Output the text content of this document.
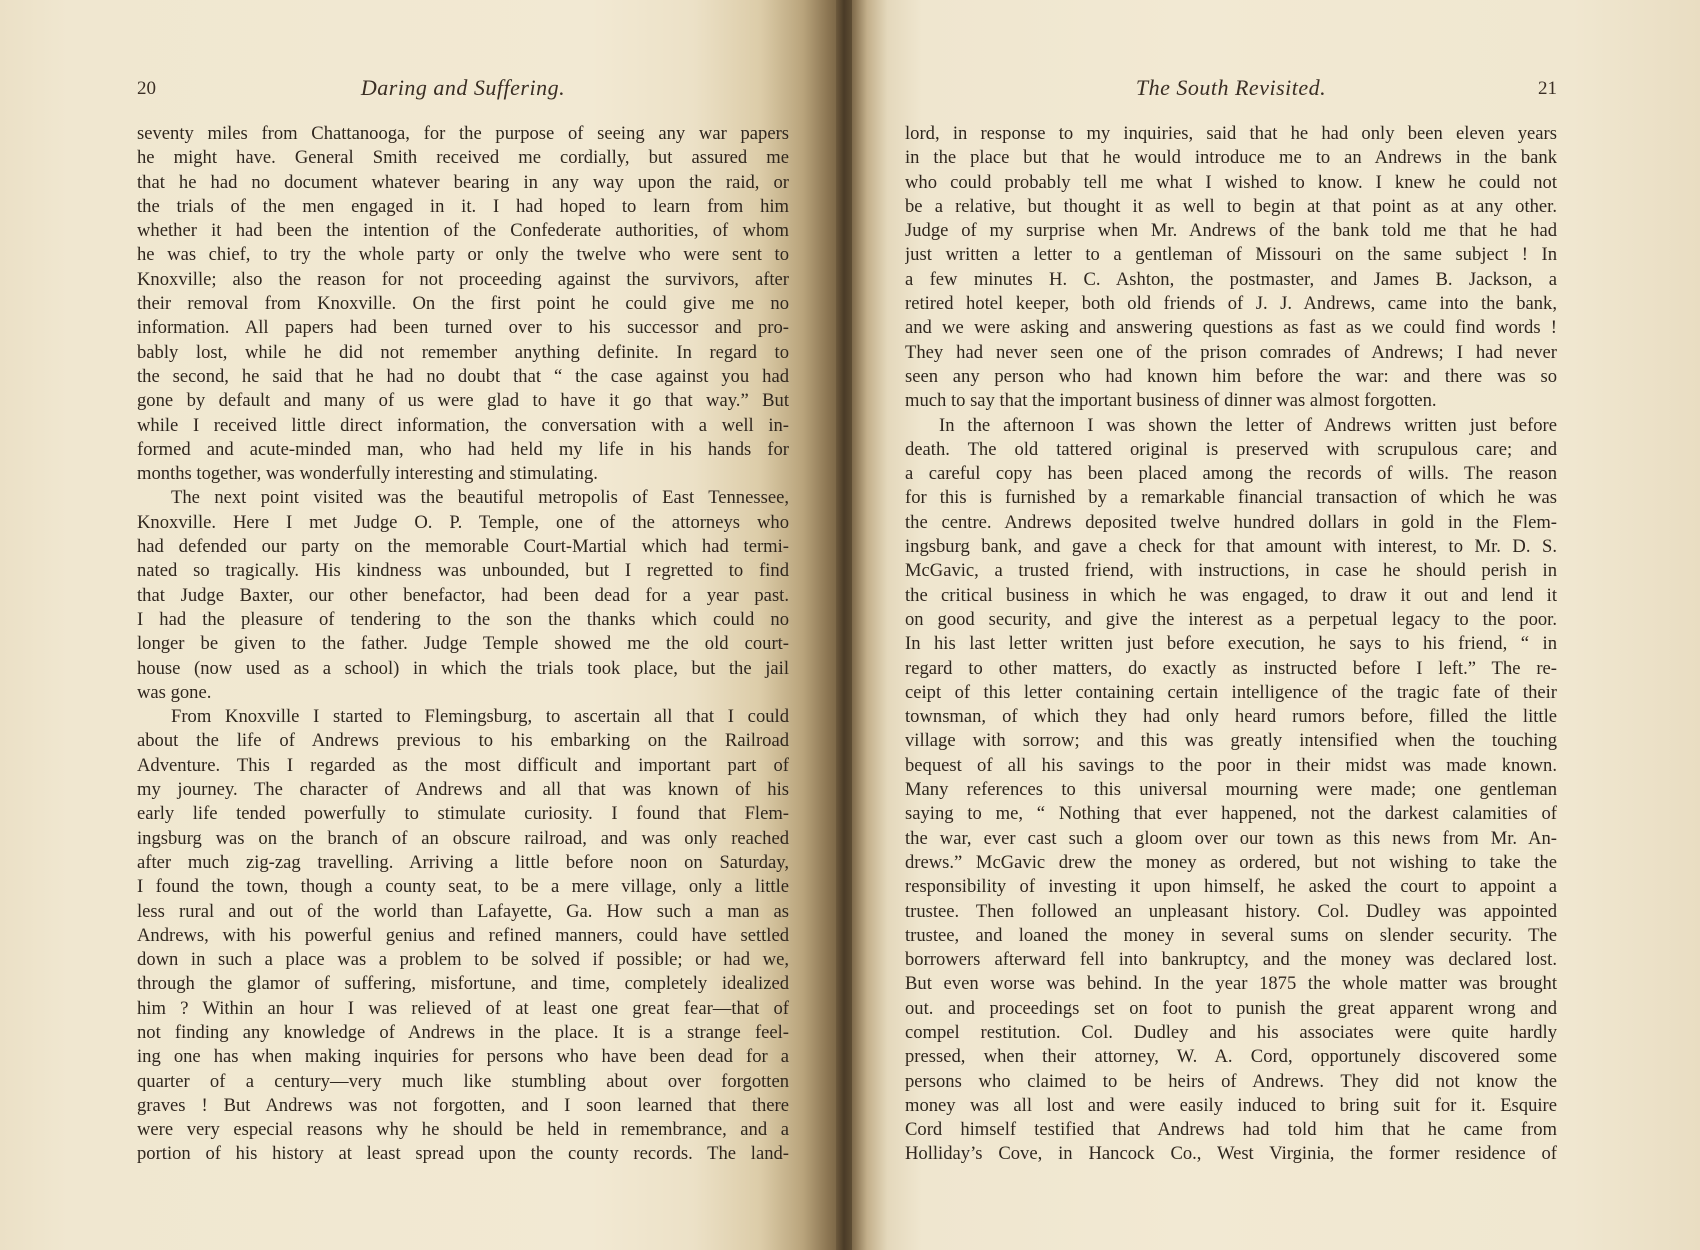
20	Daring and Suffering.
seventy miles from Chattanooga, for the purpose of seeing any war papers
he might have. General Smith received me cordially, but assured me
that he had no document whatever bearing in any way upon the raid, or
the trials of the men engaged in it. I had hoped to learn from him
whether it had been the intention of the Confederate authorities, of whom
he was chief, to try the whole party or only the twelve who were sent to
Knoxville; also the reason for not proceeding against the survivors, after
their removal from Knoxville. On the first point he could give me no
information. All papers had been turned over to his successor and pro-
bably lost, while he did not remember anything definite. In regard to
the second, he said that he had no doubt that “ the case against you had
gone by default and many of us were glad to have it go that way.” But
while I received little direct information, the conversation with a well in-
formed and acute-minded man, who had held my life in his hands for
months together, was wonderfully interesting and stimulating.
The next point visited was the beautiful metropolis of East Tennessee,
Knoxville. Here I met Judge O. P. Temple, one of the attorneys who
had defended our party on the memorable Court-Martial which had termi-
nated so tragically. His kindness was unbounded, but I regretted to find
that Judge Baxter, our other benefactor, had been dead for a year past.
I had the pleasure of tendering to the son the thanks which could no
longer be given to the father. Judge Temple showed me the old court-
house (now used as a school) in which the trials took place, but the jail
was gone.
From Knoxville I started to Flemingsburg, to ascertain all that I could
about the life of Andrews previous to his embarking on the Railroad
Adventure. This I regarded as the most difficult and important part of
my journey. The character of Andrews and all that was known of his
early life tended powerfully to stimulate curiosity. I found that Flem-
ingsburg was on the branch of an obscure railroad, and was only reached
after much zig-zag travelling. Arriving a little before noon on Saturday,
I found the town, though a county seat, to be a mere village, only a little
less rural and out of the world than Lafayette, Ga. How such a man as
Andrews, with his powerful genius and refined manners, could have settled
down in such a place was a problem to be solved if possible; or had we,
through the glamor of suffering, misfortune, and time, completely idealized
him ? Within an hour I was relieved of at least one great fear—that of
not finding any knowledge of Andrews in the place. It is a strange feel-
ing one has when making inquiries for persons who have been dead for a
quarter of a century—very much like stumbling about over forgotten
graves ! But Andrews was not forgotten, and I soon learned that there
were very especial reasons why he should be held in remembrance, and a
portion of his history at least spread upon the county records. The land-
The South Revisited.	21
lord, in response to my inquiries, said that he had only been eleven years
in the place but that he would introduce me to an Andrews in the bank
who could probably tell me what I wished to know. I knew he could not
be a relative, but thought it as well to begin at that point as at any other.
Judge of my surprise when Mr. Andrews of the bank told me that he had
just written a letter to a gentleman of Missouri on the same subject ! In
a few minutes H. C. Ashton, the postmaster, and James B. Jackson, a
retired hotel keeper, both old friends of J. J. Andrews, came into the bank,
and we were asking and answering questions as fast as we could find words !
They had never seen one of the prison comrades of Andrews; I had never
seen any person who had known him before the war: and there was so
much to say that the important business of dinner was almost forgotten.
In the afternoon I was shown the letter of Andrews written just before
death. The old tattered original is preserved with scrupulous care; and
a careful copy has been placed among the records of wills. The reason
for this is furnished by a remarkable financial transaction of which he was
the centre. Andrews deposited twelve hundred dollars in gold in the Flem-
ingsburg bank, and gave a check for that amount with interest, to Mr. D. S.
McGavic, a trusted friend, with instructions, in case he should perish in
the critical business in which he was engaged, to draw it out and lend it
on good security, and give the interest as a perpetual legacy to the poor.
In his last letter written just before execution, he says to his friend, “ in
regard to other matters, do exactly as instructed before I left.” The re-
ceipt of this letter containing certain intelligence of the tragic fate of their
townsman, of which they had only heard rumors before, filled the little
village with sorrow; and this was greatly intensified when the touching
bequest of all his savings to the poor in their midst was made known.
Many references to this universal mourning were made; one gentleman
saying to me, “ Nothing that ever happened, not the darkest calamities of
the war, ever cast such a gloom over our town as this news from Mr. An-
drews.” McGavic drew the money as ordered, but not wishing to take the
responsibility of investing it upon himself, he asked the court to appoint a
trustee. Then followed an unpleasant history. Col. Dudley was appointed
trustee, and loaned the money in several sums on slender security. The
borrowers afterward fell into bankruptcy, and the money was declared lost.
But even worse was behind. In the year 1875 the whole matter was brought
out. and proceedings set on foot to punish the great apparent wrong and
compel restitution. Col. Dudley and his associates were quite hardly
pressed, when their attorney, W. A. Cord, opportunely discovered some
persons who claimed to be heirs of Andrews. They did not know the
money was all lost and were easily induced to bring suit for it. Esquire
Cord himself testified that Andrews had told him that he came from
Holliday’s Cove, in Hancock Co., West Virginia, the former residence of
